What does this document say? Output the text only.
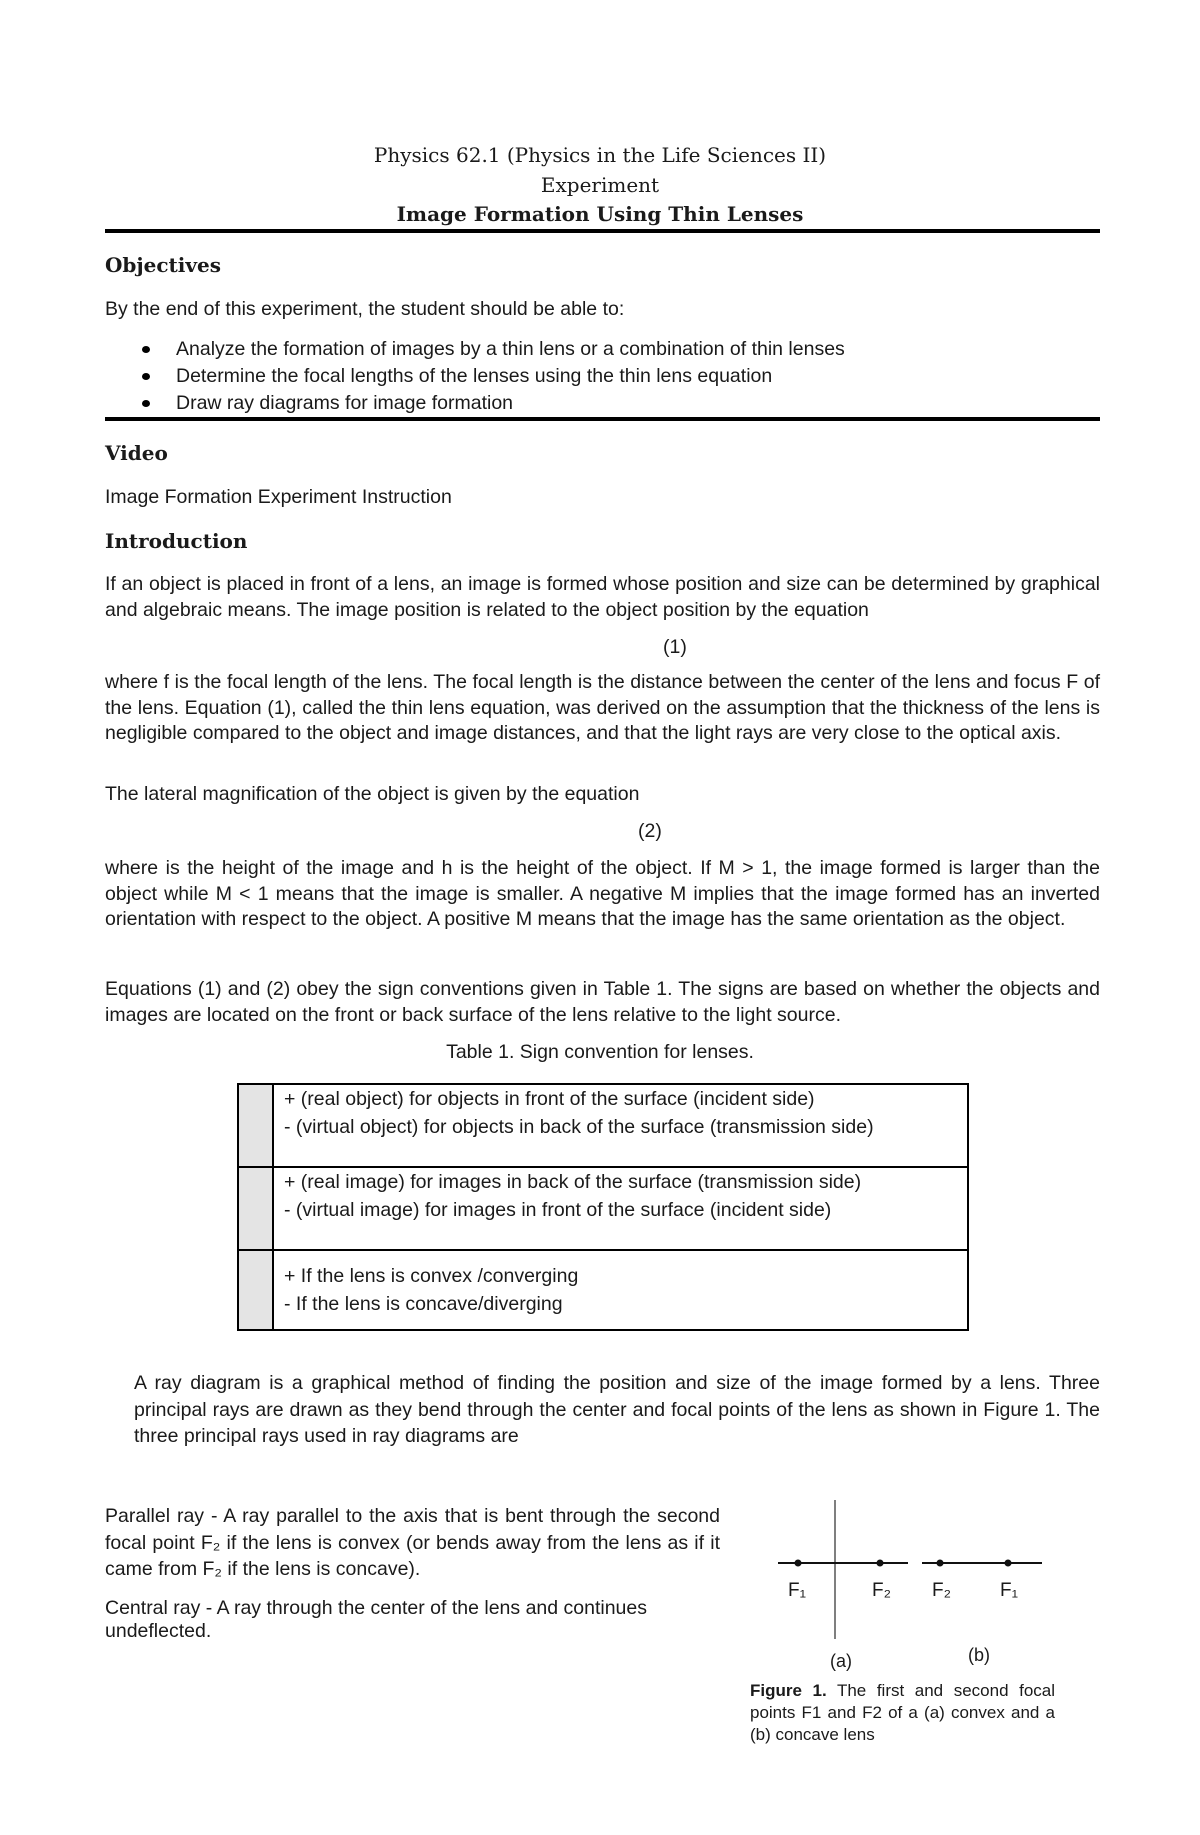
Physics 62.1 (Physics in the Life Sciences II)
Experiment
Image Formation Using Thin Lenses
Objectives
By the end of this experiment, the student should be able to:
Analyze the formation of images by a thin lens or a combination of thin lenses
Determine the focal lengths of the lenses using the thin lens equation
Draw ray diagrams for image formation
Video
Image Formation Experiment Instruction
Introduction
If an object is placed in front of a lens, an image is formed whose position and size can be determined by graphical and algebraic means. The image position is related to the object position by the equation
(1)
where f is the focal length of the lens. The focal length is the distance between the center of the lens and focus F of the lens. Equation (1), called the thin lens equation, was derived on the assumption that the thickness of the lens is negligible compared to the object and image distances, and that the light rays are very close to the optical axis.
The lateral magnification of the object is given by the equation
(2)
where is the height of the image and h is the height of the object. If M > 1, the image formed is larger than the object while M < 1 means that the image is smaller. A negative M implies that the image formed has an inverted orientation with respect to the object. A positive M means that the image has the same orientation as the object.
Equations (1) and (2) obey the sign conventions given in Table 1. The signs are based on whether the objects and images are located on the front or back surface of the lens relative to the light source.
Table 1. Sign convention for lenses.

	+ (real object) for objects in front of the surface (incident side)
- (virtual object) for objects in back of the surface (transmission side)

	+ (real image) for images in back of the surface (transmission side)
- (virtual image) for images in front of the surface (incident side)

	+ If the lens is convex /converging
- If the lens is concave/diverging
A ray diagram is a graphical method of finding the position and size of the image formed by a lens. Three principal rays are drawn as they bend through the center and focal points of the lens as shown in Figure 1. The three principal rays used in ray diagrams are
Parallel ray - A ray parallel to the axis that is bent through the second focal point F₂ if the lens is convex (or bends away from the lens as if it came from F₂ if the lens is concave).
Central ray - A ray through the center of the lens and continues undeflected.
F₁	F₂ F₂	F₁
(a)	(b)
Figure 1. The first and second focal points F1 and F2 of a (a) convex and a (b) concave lens
